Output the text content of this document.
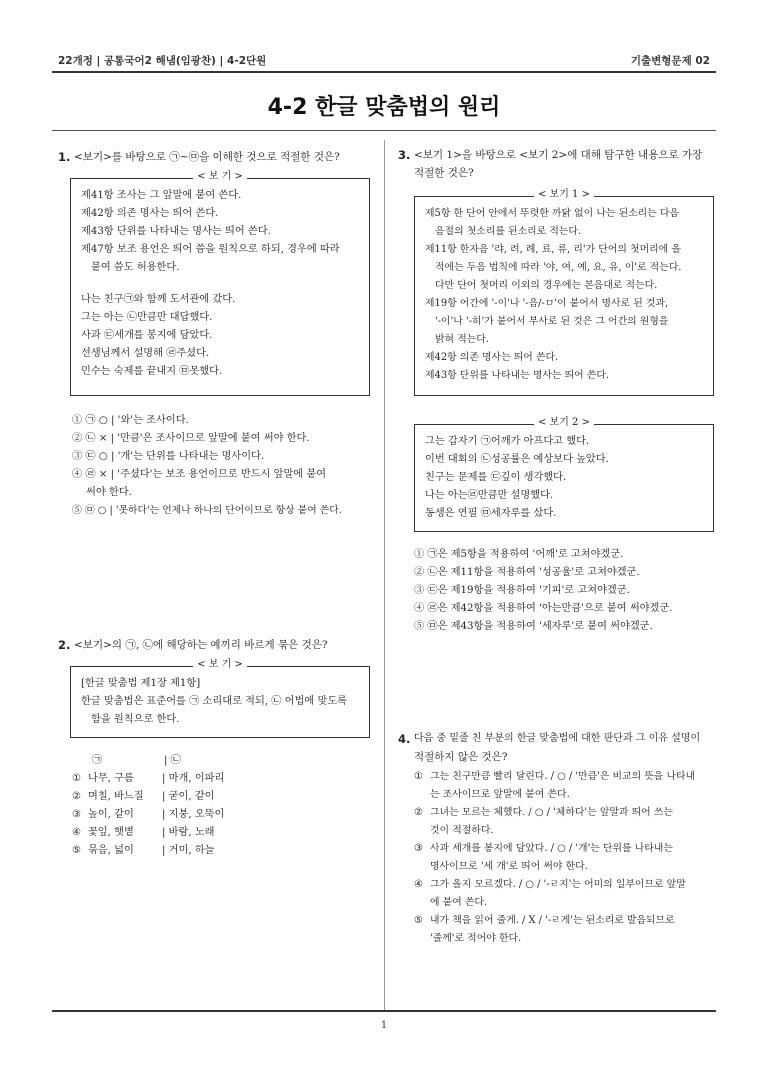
22개정 | 공통국어2 해냄(임광찬) | 4-2단원	기출변형문제 02
4-2 한글 맞춤법의 원리
1. <보기>를 바탕으로 ㉠~㉤을 이해한 것으로 적절한 것은?
< 보 기 >
제41항 조사는 그 앞말에 붙여 쓴다.
제42항 의존 명사는 띄어 쓴다.
제43항 단위를 나타내는 명사는 띄어 쓴다.
제47항 보조 용언은 띄어 씀을 원칙으로 하되, 경우에 따라
붙여 씀도 허용한다.
나는 친구㉠와 함께 도서관에 갔다.
그는 아는 ㉡만큼만 대답했다.
사과 ㉢세개를 봉지에 담았다.
선생님께서 설명해 ㉣주셨다.
민수는 숙제를 끝내지 ㉤못했다.
① ㉠ ○ | '와'는 조사이다.
② ㉡ × | '만큼'은 조사이므로 앞말에 붙여 써야 한다.
③ ㉢ ○ | '개'는 단위를 나타내는 명사이다.
④ ㉣ × | '주셨다'는 보조 용언이므로 반드시 앞말에 붙여
써야 한다.
⑤ ㉤ ○ | '못하다'는 언제나 하나의 단어이므로 항상 붙여 쓴다.
2. <보기>의 ㉠, ㉡에 해당하는 예끼리 바르게 묶은 것은?
< 보 기 >
[한글 맞춤법 제1장 제1항]
한글 맞춤법은 표준어를 ㉠ 소리대로 적되, ㉡ 어법에 맞도록
함을 원칙으로 한다.
㉠	| ㉡
① 나무, 구름	| 마개, 이파리
② 며칠, 바느질	| 굳이, 같이
③ 높이, 같이	| 지붕, 오뚝이
④ 꽃잎, 햇볕	| 바람, 노래
⑤ 묶음, 넓이	| 거미, 하늘
3. <보기 1>을 바탕으로 <보기 2>에 대해 탐구한 내용으로 가장
적절한 것은?
< 보기 1 >
제5항 한 단어 안에서 뚜렷한 까닭 없이 나는 된소리는 다음
음절의 첫소리를 된소리로 적는다.
제11항 한자음 '랴, 려, 례, 료, 류, 리'가 단어의 첫머리에 올
적에는 두음 법칙에 따라 '야, 여, 예, 요, 유, 이'로 적는다.
다만 단어 첫머리 이외의 경우에는 본음대로 적는다.
제19항 어간에 '-이'나 '-음/-ㅁ'이 붙어서 명사로 된 것과,
'-이'나 '-히'가 붙어서 부사로 된 것은 그 어간의 원형을
밝혀 적는다.
제42항 의존 명사는 띄어 쓴다.
제43항 단위를 나타내는 명사는 띄어 쓴다.
< 보기 2 >
그는 갑자기 ㉠어깨가 아프다고 했다.
이번 대회의 ㉡성공률은 예상보다 높았다.
친구는 문제를 ㉢깊이 생각했다.
나는 아는㉣만큼만 설명했다.
동생은 연필 ㉤세자루를 샀다.
① ㉠은 제5항을 적용하여 '어깨'로 고쳐야겠군.
② ㉡은 제11항을 적용하여 '성공율'로 고쳐야겠군.
③ ㉢은 제19항을 적용하여 '기피'로 고쳐야겠군.
④ ㉣은 제42항을 적용하여 '아는만큼'으로 붙여 써야겠군.
⑤ ㉤은 제43항을 적용하여 '세자루'로 붙여 써야겠군.
4. 다음 중 밑줄 친 부분의 한글 맞춤법에 대한 판단과 그 이유 설명이
적절하지 않은 것은?
① 그는 친구만큼 빨리 달린다. / ○ / '만큼'은 비교의 뜻을 나타내
는 조사이므로 앞말에 붙여 쓴다.
② 그녀는 모르는 체했다. / ○ / '체하다'는 앞말과 띄어 쓰는
것이 적절하다.
③ 사과 세개를 봉지에 담았다. / ○ / '개'는 단위를 나타내는
명사이므로 '세 개'로 띄어 써야 한다.
④ 그가 올지 모르겠다. / ○ / '-ㄹ지'는 어미의 일부이므로 앞말
에 붙여 쓴다.
⑤ 내가 책을 읽어 줄게. / X / '-ㄹ게'는 된소리로 발음되므로
'줄께'로 적어야 한다.
1
